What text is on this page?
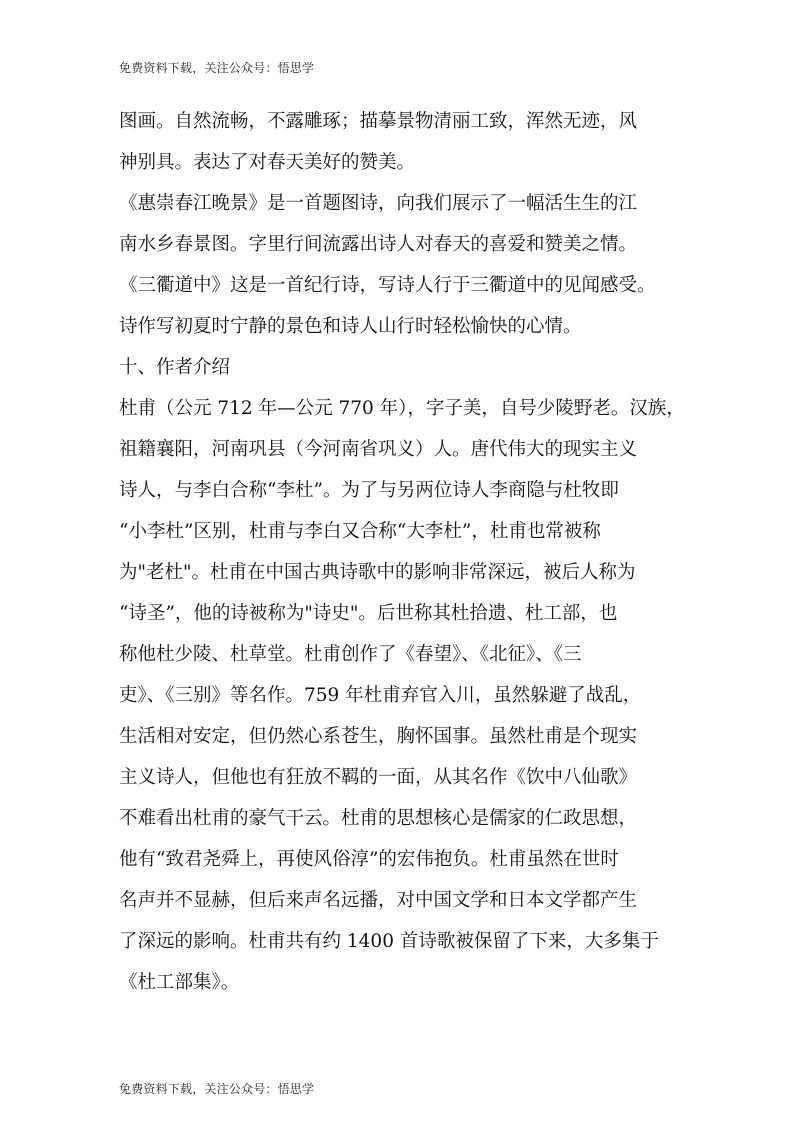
免费资料下载，关注公众号：悟思学
图画。自然流畅，不露雕琢；描摹景物清丽工致，浑然无迹，风
神别具。表达了对春天美好的赞美。
《惠崇春江晚景》是一首题图诗，向我们展示了一幅活生生的江
南水乡春景图。字里行间流露出诗人对春天的喜爱和赞美之情。
《三衢道中》这是一首纪行诗，写诗人行于三衢道中的见闻感受。
诗作写初夏时宁静的景色和诗人山行时轻松愉快的心情。
十、作者介绍
杜甫（公元 712 年—公元 770 年），字子美，自号少陵野老。汉族，
祖籍襄阳，河南巩县（今河南省巩义）人。唐代伟大的现实主义
诗人，与李白合称“李杜”。为了与另两位诗人李商隐与杜牧即
“小李杜”区别，杜甫与李白又合称“大李杜”，杜甫也常被称
为"老杜"。杜甫在中国古典诗歌中的影响非常深远，被后人称为
“诗圣”，他的诗被称为"诗史"。后世称其杜拾遗、杜工部，也
称他杜少陵、杜草堂。杜甫创作了《春望》、《北征》、《三
吏》、《三别》等名作。759 年杜甫弃官入川，虽然躲避了战乱，
生活相对安定，但仍然心系苍生，胸怀国事。虽然杜甫是个现实
主义诗人，但他也有狂放不羁的一面，从其名作《饮中八仙歌》
不难看出杜甫的豪气干云。杜甫的思想核心是儒家的仁政思想，
他有“致君尧舜上，再使风俗淳”的宏伟抱负。杜甫虽然在世时
名声并不显赫，但后来声名远播，对中国文学和日本文学都产生
了深远的影响。杜甫共有约 1400 首诗歌被保留了下来，大多集于
《杜工部集》。
免费资料下载，关注公众号：悟思学
